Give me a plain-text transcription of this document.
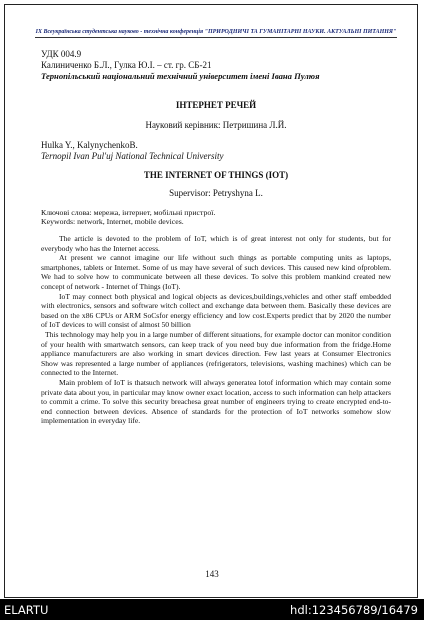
IX Всеукраїнська студентська науково - технічна конференція "ПРИРОДНИЧІ ТА ГУМАНІТАРНІ НАУКИ. АКТУАЛЬНІ ПИТАННЯ"
УДК 004.9
Калиниченко Б.Л., Гулка Ю.І. – ст. гр. СБ-21
Тернопільський національний технічний університет імені Івана Пулюя
ІНТЕРНЕТ РЕЧЕЙ
Науковий керівник: Петришина Л.Й.
Hulka Y., KalynychenkoB.
Ternopil Ivan Pul'uj National Technical University
THE INTERNET OF THINGS (IOT)
Supervisor: Petryshyna L.
Ключові слова: мережа, інтернет, мобільні пристрої.
Keywords: network, Internet, mobile devices.

The article is devoted to the problem of IoT, which is of great interest not only for students, but for everybody who has the Internet access.

At present we cannot imagine our life without such things as portable computing units as laptops, smartphones, tablets or Internet. Some of us may have several of such devices. This caused new kind ofproblem. We had to solve how to communicate between all these devices. To solve this problem mankind created new concept of network - Internet of Things (IoT).

IoT may connect both physical and logical objects as devices,buildings,vehicles and other staff embedded with electronics, sensors and software witch collect and exchange data between them. Basically these devices are based on the x86 CPUs or ARM SoCsfor energy efficiency and low cost.Experts predict that by 2020 the number of IoT devices to will consist of almost 50 billion

This technology may help you in a large number of different situations, for example doctor can monitor condition of your health with smartwatch sensors, can keep track of you need buy due information from the fridge.Home appliance manufacturers are also working in smart devices direction. Few last years at Consumer Electronics Show was represented a large number of appliances (refrigerators, televisions, washing machines) which can be connected to the Internet.

Main problem of IoT is thatsuch network will always generatea lotof information which may contain some private data about you, in particular may know owner exact location, access to such information can help attackers to commit a crime. To solve this security breachesa great number of engineers trying to create encrypted end-to-end connection between devices. Absence of standards for the protection of IoT networks somehow slow implementation in everyday life.

143
ELARTU	hdl:123456789/16479
